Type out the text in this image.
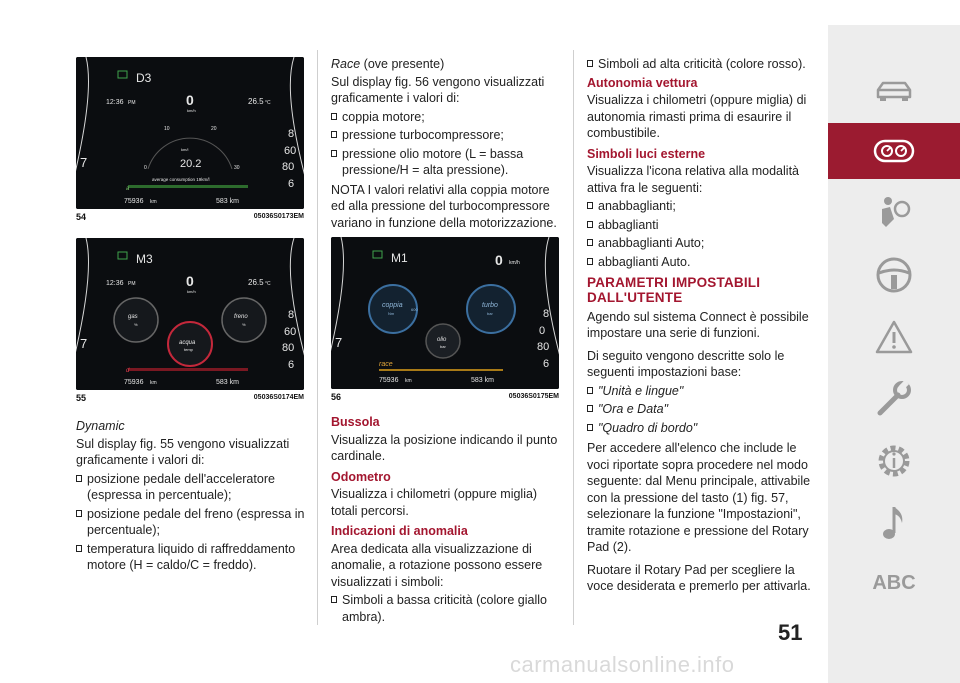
D3
12:36 PM	26.5 °C
0
km/h
10	20
0	30
km/l
20.2
average consumption 19km/l
a
75936 km	583 km
8
60
80
6
7
54	05036S0173EM
M3
12:36 PM	26.5 °C
0
km/h
gas
%
freno
%
acqua
temp
d
75936 km	583 km
8
60
80
6
7
55	05036S0174EM
M1	0 km/h
coppia
Nm
600
turbo
bar
olio
bar
race
75936 km	583 km
8
0
80
6
7
56	05036S0175EM

Dynamic

Sul display fig. 55 vengono visualizzati graficamente i valori di:

posizione pedale dell'acceleratore (espressa in percentuale);
posizione pedale del freno (espressa in percentuale);
temperatura liquido di raffreddamento motore (H = caldo/C = freddo).

Race (ove presente)

Sul display fig. 56 vengono visualizzati graficamente i valori di:

coppia motore;
pressione turbocompressore;
pressione olio motore (L = bassa pressione/H = alta pressione).

NOTA I valori relativi alla coppia motore ed alla pressione del turbocompressore variano in funzione della motorizzazione.

Bussola

Visualizza la posizione indicando il punto cardinale.

Odometro

Visualizza i chilometri (oppure miglia) totali percorsi.

Indicazioni di anomalia

Area dedicata alla visualizzazione di anomalie, a rotazione possono essere visualizzati i simboli:

Simboli a bassa criticità (colore giallo ambra).
Simboli ad alta criticità (colore rosso).
Autonomia vettura

Visualizza i chilometri (oppure miglia) di autonomia rimasti prima di esaurire il combustibile.

Simboli luci esterne

Visualizza l'icona relativa alla modalità attiva fra le seguenti:

anabbaglianti;
abbaglianti
anabbaglianti Auto;
abbaglianti Auto.
PARAMETRI IMPOSTABILI
DALL'UTENTE

Agendo sul sistema Connect è possibile impostare una serie di funzioni.

Di seguito vengono descritte solo le seguenti impostazioni base:

"Unità e lingue"
"Ora e Data"
"Quadro di bordo"

Per accedere all'elenco che include le voci riportate sopra procedere nel modo seguente: dal Menu principale, attivabile con la pressione del tasto (1) fig. 57, selezionare la funzione "Impostazioni", tramite rotazione e pressione del Rotary Pad (2).

Ruotare il Rotary Pad per scegliere la voce desiderata e premerlo per attivarla.	ABC
51
carmanualsonline.info
